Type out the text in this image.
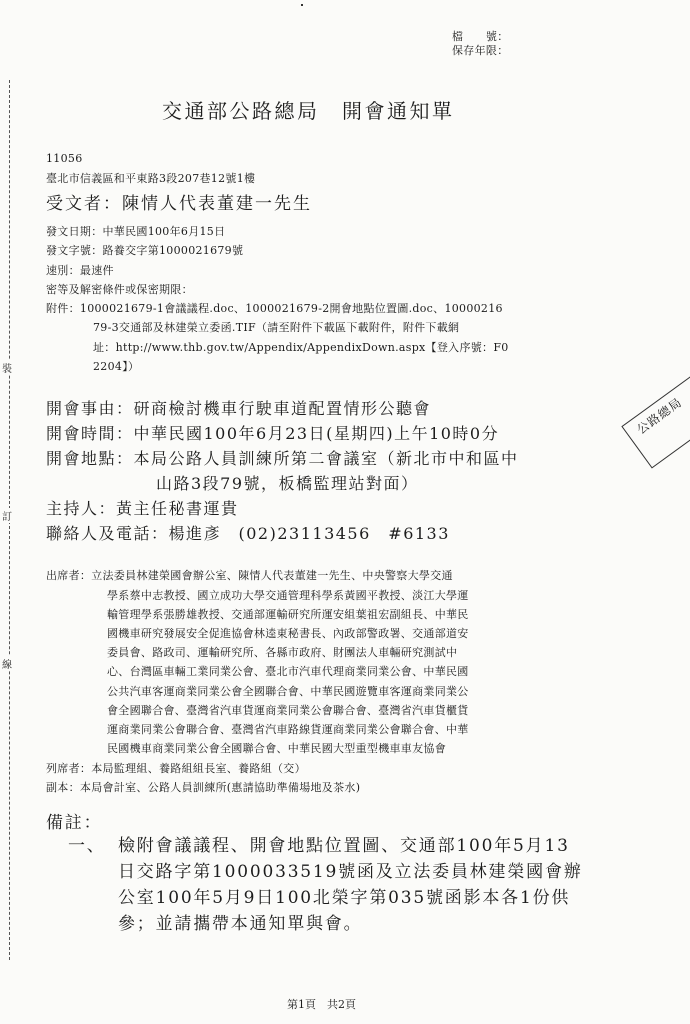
檔　　號：
保存年限：
裝
訂
線
交通部公路總局　開會通知單
11056
臺北市信義區和平東路3段207巷12號1樓
受文者：陳情人代表董建一先生
發文日期：中華民國100年6月15日
發文字號：路養交字第1000021679號
速別：最速件
密等及解密條件或保密期限：
附件：1000021679-1會議議程.doc、1000021679-2開會地點位置圖.doc、10000216
79-3交通部及林建榮立委函.TIF（請至附件下載區下載附件，附件下載網
址：http://www.thb.gov.tw/Appendix/AppendixDown.aspx【登入序號：F0
2204】）
開會事由：研商檢討機車行駛車道配置情形公聽會
開會時間：中華民國100年6月23日(星期四)上午10時0分
開會地點：本局公路人員訓練所第二會議室（新北市中和區中
山路3段79號，板橋監理站對面）
主持人：黃主任秘書運貴
聯絡人及電話：楊進彥　(02)23113456　#6133
出席者：立法委員林建榮國會辦公室、陳情人代表董建一先生、中央警察大學交通
學系蔡中志教授、國立成功大學交通管理科學系黃國平教授、淡江大學運
輸管理學系張勝雄教授、交通部運輸研究所運安組葉祖宏副組長、中華民
國機車研究發展安全促進協會林逵東秘書長、內政部警政署、交通部道安
委員會、路政司、運輸研究所、各縣市政府、財團法人車輛研究測試中
心、台灣區車輛工業同業公會、臺北市汽車代理商業同業公會、中華民國
公共汽車客運商業同業公會全國聯合會、中華民國遊覽車客運商業同業公
會全國聯合會、臺灣省汽車貨運商業同業公會聯合會、臺灣省汽車貨櫃貨
運商業同業公會聯合會、臺灣省汽車路線貨運商業同業公會聯合會、中華
民國機車商業同業公會全國聯合會、中華民國大型重型機車車友協會
列席者：本局監理組、養路組組長室、養路組（交）
副本：本局會計室、公路人員訓練所(惠請協助準備場地及茶水)
備註：
一、 檢附會議議程、開會地點位置圖、交通部100年5月13
日交路字第1000033519號函及立法委員林建榮國會辦
公室100年5月9日100北榮字第035號函影本各1份供
參；並請攜帶本通知單與會。
公路總局
第1頁　共2頁
